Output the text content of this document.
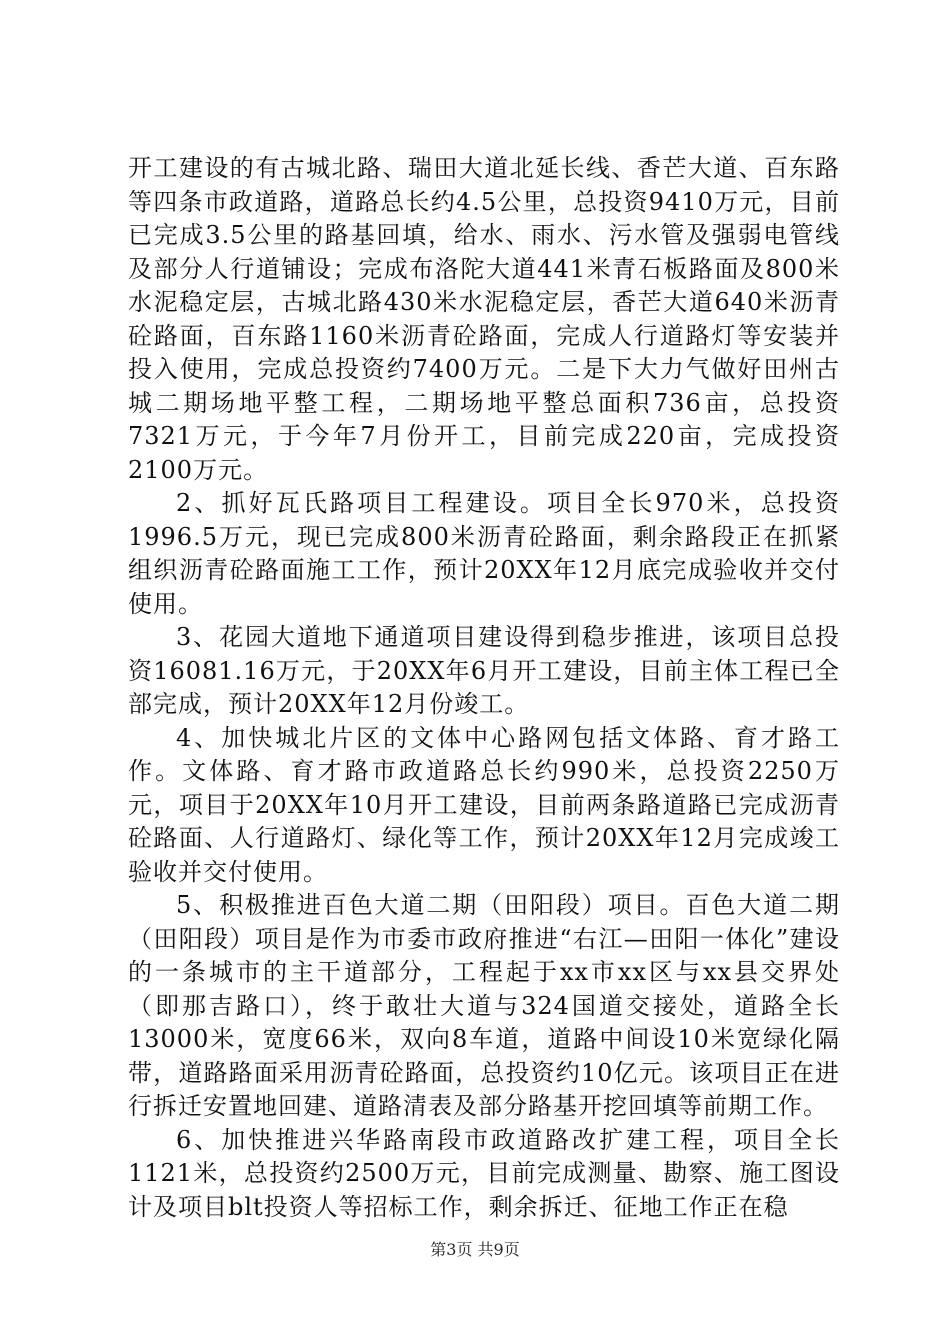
开工建设的有古城北路、瑞田大道北延长线、香芒大道、百东路等四条市政道路，道路总长约4.5公里，总投资9410万元，目前已完成3.5公里的路基回填，给水、雨水、污水管及强弱电管线及部分人行道铺设；完成布洛陀大道441米青石板路面及800米水泥稳定层，古城北路430米水泥稳定层，香芒大道640米沥青砼路面，百东路1160米沥青砼路面，完成人行道路灯等安装并投入使用，完成总投资约7400万元。二是下大力气做好田州古城二期场地平整工程，二期场地平整总面积736亩，总投资7321万元，于今年7月份开工，目前完成220亩，完成投资2100万元。

2、抓好瓦氏路项目工程建设。项目全长970米，总投资1996.5万元，现已完成800米沥青砼路面，剩余路段正在抓紧组织沥青砼路面施工工作，预计20XX年12月底完成验收并交付使用。

3、花园大道地下通道项目建设得到稳步推进，该项目总投资16081.16万元，于20XX年6月开工建设，目前主体工程已全部完成，预计20XX年12月份竣工。

4、加快城北片区的文体中心路网包括文体路、育才路工作。文体路、育才路市政道路总长约990米，总投资2250万元，项目于20XX年10月开工建设，目前两条路道路已完成沥青砼路面、人行道路灯、绿化等工作，预计20XX年12月完成竣工验收并交付使用。

5、积极推进百色大道二期（田阳段）项目。百色大道二期（田阳段）项目是作为市委市政府推进“右江—田阳一体化”建设的一条城市的主干道部分，工程起于xx市xx区与xx县交界处（即那吉路口），终于敢壮大道与324国道交接处，道路全长13000米，宽度66米，双向8车道，道路中间设10米宽绿化隔带，道路路面采用沥青砼路面，总投资约10亿元。该项目正在进行拆迁安置地回建、道路清表及部分路基开挖回填等前期工作。

6、加快推进兴华路南段市政道路改扩建工程，项目全长1121米，总投资约2500万元，目前完成测量、勘察、施工图设计及项目blt投资人等招标工作，剩余拆迁、征地工作正在稳

第3页 共9页
